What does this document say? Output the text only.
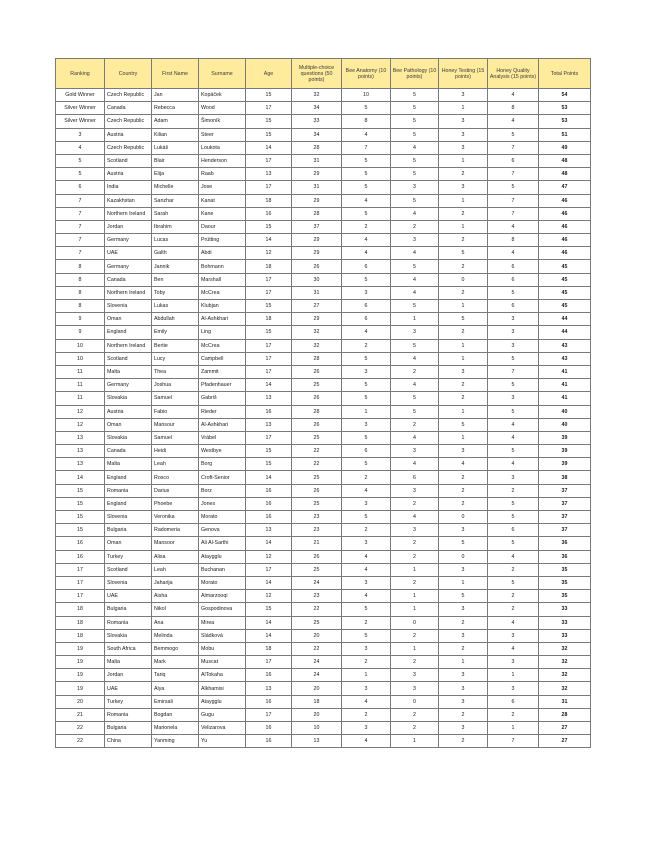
Ranking	Country	First Name	Surname	Age	Multiple-choice questions (50 points)	Bee Anatomy (10 points)	Bee Pathology (10 points)	Honey Testing (15 points)	Honey Quality Analysis (15 points)	Total Points
Gold Winner	Czech Republic	Jan	Kopáček	15	32	10	5	3	4	54
Silver Winner	Canada	Rebecca	Wood	17	34	5	5	1	8	53
Silver Winner	Czech Republic	Adam	Šimoník	15	33	8	5	3	4	53
3	Austria	Kilian	Steer	15	34	4	5	3	5	51
4	Czech Republic	Lukáš	Loukota	14	28	7	4	3	7	49
5	Scotland	Blair	Henderson	17	31	5	5	1	6	48
5	Austria	Elija	Raab	13	29	5	5	2	7	48
6	India	Michelle	Jose	17	31	5	3	3	5	47
7	Kazakhstan	Sanzhar	Kanat	18	29	4	5	1	7	46
7	Northern Ireland	Sarah	Kane	16	28	5	4	2	7	46
7	Jordan	Ibrahim	Daour	15	37	2	2	1	4	46
7	Germany	Lucas	Prütting	14	29	4	3	2	8	46
7	UAE	Galth	Abdi	12	29	4	4	5	4	46
8	Germany	Jannik	Bohmann	18	26	6	5	2	6	45
8	Canada	Ben	Marshall	17	30	5	4	0	6	45
8	Northern Ireland	Toby	McCrea	17	31	3	4	2	5	45
8	Slovenia	Lukas	Klubjan	15	27	6	5	1	6	45
9	Oman	Abdullah	Al-Ashkhari	18	29	6	1	5	3	44
9	England	Emily	Ling	15	32	4	3	2	3	44
10	Northern Ireland	Bertie	McCrea	17	32	2	5	1	3	43
10	Scotland	Lucy	Campbell	17	28	5	4	1	5	43
11	Malta	Thea	Zammit	17	26	3	2	3	7	41
11	Germany	Joshua	Pfadenhauer	14	25	5	4	2	5	41
11	Slovakia	Samuel	Gabriš	13	26	5	5	2	3	41
12	Austria	Fabio	Rieder	16	28	1	5	1	5	40
12	Oman	Mansour	Al-Ashkhari	13	26	3	2	5	4	40
13	Slovakia	Samuel	Vrábel	17	25	5	4	1	4	39
13	Canada	Heidi	Westbye	15	22	6	3	3	5	39
13	Malta	Leah	Borg	15	22	5	4	4	4	39
14	England	Rosco	Croft-Senior	14	25	2	6	2	3	38
15	Romania	Darius	Borz	16	26	4	3	2	2	37
15	England	Phoebe	Jones	16	25	3	2	2	5	37
15	Slovenia	Veronika	Morato	16	23	5	4	0	5	37
15	Bulgaria	Radomeria	Genova	13	23	2	3	3	6	37
16	Oman	Mansoor	Ali Al-Sarthi	14	21	3	2	5	5	36
16	Turkey	Alisa	Ataygglu	12	26	4	2	0	4	36
17	Scotland	Leah	Buchanan	17	25	4	1	3	2	35
17	Slovenia	Jaharija	Morato	14	24	3	2	1	5	35
17	UAE	Aisha	Almarzooqi	12	23	4	1	5	2	35
18	Bulgaria	Nikol	Gospodinova	15	22	5	1	3	2	33
18	Romania	Ana	Mirea	14	25	2	0	2	4	33
18	Slovakia	Melinda	Sládková	14	20	5	2	3	3	33
19	South Africa	Bemmogo	Mobu	18	22	3	1	2	4	32
19	Malta	Mark	Muscat	17	24	2	2	1	3	32
19	Jordan	Tariq	AlTokaha	16	24	1	3	3	1	32
19	UAE	Alya	Alkhamisi	13	20	3	3	3	3	32
20	Turkey	Emirsali	Ataygglu	16	18	4	0	3	6	31
21	Romania	Bogdan	Gugu	17	20	2	2	2	2	28
22	Bulgaria	Marionela	Velizarova	16	10	3	2	3	1	27
22	China	Yanming	Yu	16	13	4	1	2	7	27
